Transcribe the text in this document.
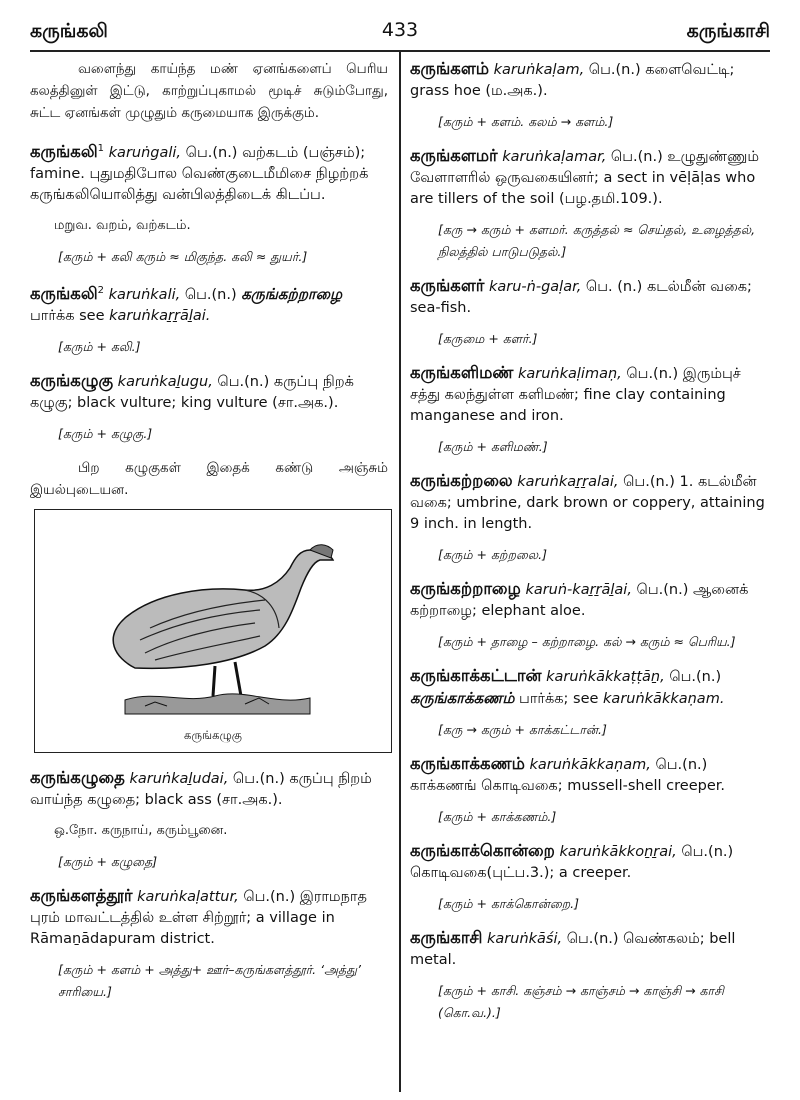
கருங்கலி	433	கருங்காசி

வளைந்து காய்ந்த மண் ஏனங்களைப் பெரிய கலத்தினுள் இட்டு, காற்றுப்புகாமல் மூடிச் சுடும்போது, சுட்ட ஏனங்கள் முழுதும் கருமையாக இருக்கும்.

கருங்கலி$^1$ karuṅgali, பெ.(n.) வற்கடம் (பஞ்சம்); famine. புதுமதிபோல வெண்குடைமீமிசை நிழற்றக் கருங்கலியொலித்து வன்பிலத்திடைக் கிடப்ப.

மறுவ. வறம், வற்கடம்.

[கரும் + கலி கரும் ≈ மிகுந்த. கலி ≈ துயர்.]

கருங்கலி$^2$ karuṅkali, பெ.(n.) கருங்கற்றாழை பார்க்க see karuṅkaṟṟāḻai.

[கரும் + கலி.]

கருங்கழுகு karuṅkaḻugu, பெ.(n.) கருப்பு நிறக் கழுகு; black vulture; king vulture (சா.அக.).

[கரும் + கழுகு.]

பிற கழுகுகள் இதைக் கண்டு அஞ்சும் இயல்புடையன.

கருங்கழுகு

கருங்கழுதை karuṅkaḻudai, பெ.(n.) கருப்பு நிறம் வாய்ந்த கழுதை; black ass (சா.அக.).

ஒ.நோ. கருநாய், கரும்பூனை.

[கரும் + கழுதை]

கருங்களத்தூர் karuṅkaḷattur, பெ.(n.) இராமநாத புரம் மாவட்டத்தில் உள்ள சிற்றூர்; a village in Rāmaṉādapuram district.

[கரும் + களம் + அத்து+ ஊர்–கருங்களத்தூர். ‘அத்து’ சாரியை.]

கருங்களம் karuṅkaḷam, பெ.(n.) களைவெட்டி; grass hoe (ம.அக.).

[கரும் + களம். கலம் → களம்.]

கருங்களமர் karuṅkaḷamar, பெ.(n.) உழுதுண்ணும் வேளாளரில் ஒருவகையினர்; a sect in vēḷāḷas who are tillers of the soil (பழ.தமி.109.).

[கரு → கரும் + களமர். கருத்தல் ≈ செய்தல், உழைத்தல், நிலத்தில் பாடுபடுதல்.]

கருங்களர் karu-ṅ-gaḷar, பெ. (n.) கடல்மீன் வகை; sea-fish.

[கருமை + களர்.]

கருங்களிமண் karuṅkaḷimaṇ, பெ.(n.) இரும்புச் சத்து கலந்துள்ள களிமண்; fine clay containing manganese and iron.

[கரும் + களிமண்.]

கருங்கற்றலை karuṅkaṟṟalai, பெ.(n.) 1. கடல்மீன் வகை; umbrine, dark brown or coppery, attaining 9 inch. in length.

[கரும் + கற்றலை.]

கருங்கற்றாழை karuṅ-kaṟṟāḻai, பெ.(n.) ஆனைக் கற்றாழை; elephant aloe.

[கரும் + தாழை – கற்றாழை. கல் → கரும் ≈ பெரிய.]

கருங்காக்கட்டான் karuṅkākkaṭṭāṉ, பெ.(n.) கருங்காக்கணம் பார்க்க; see karuṅkākkaṇam.

[கரு → கரும் + காக்கட்டான்.]

கருங்காக்கணம் karuṅkākkaṇam, பெ.(n.) காக்கணங் கொடிவகை; mussell-shell creeper.

[கரும் + காக்கணம்.]

கருங்காக்கொன்றை karuṅkākkoṉṟai, பெ.(n.) கொடிவகை(புட்ப.3.); a creeper.

[கரும் + காக்கொன்றை.]

கருங்காசி karuṅkāśi, பெ.(n.) வெண்கலம்; bell metal.

[கரும் + காசி. கஞ்சம் → காஞ்சம் → காஞ்சி → காசி (கொ.வ.).]
